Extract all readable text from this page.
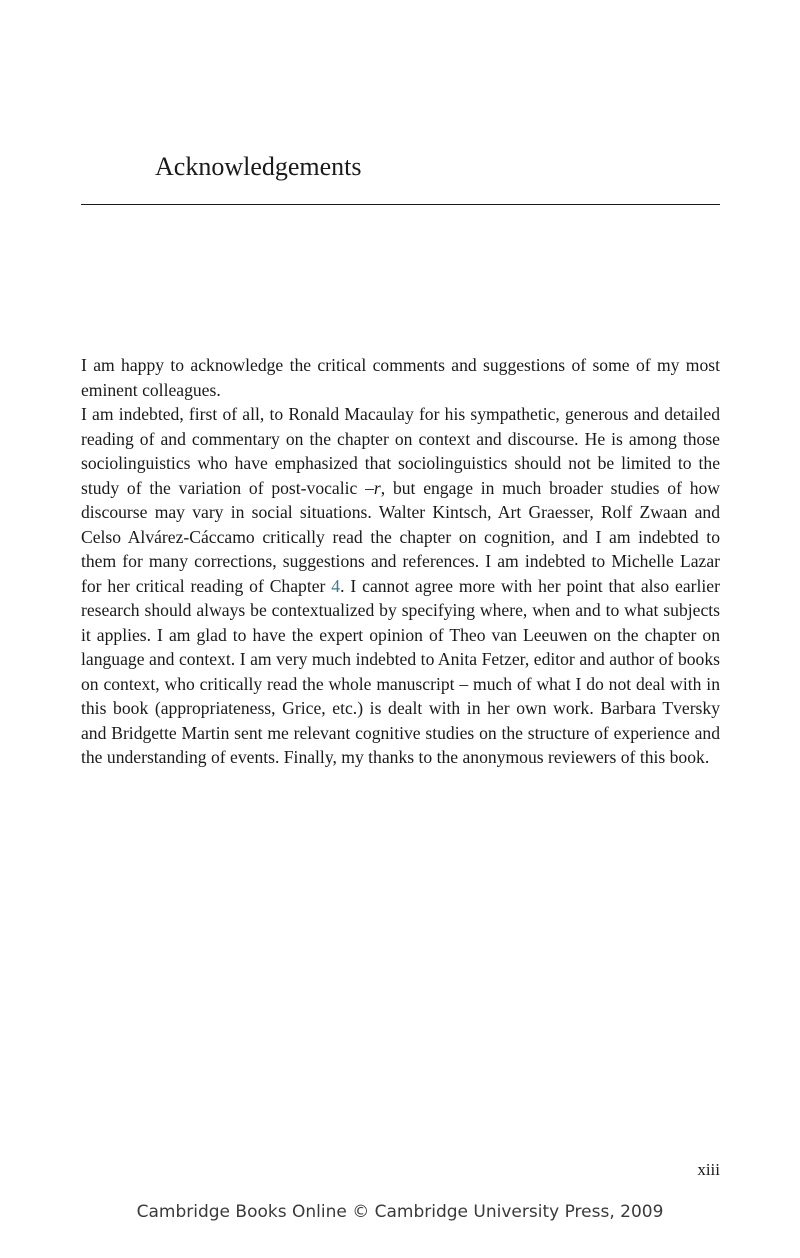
Acknowledgements

I am happy to acknowledge the critical comments and suggestions of some of my most eminent colleagues.

I am indebted, first of all, to Ronald Macaulay for his sympathetic, generous and detailed reading of and commentary on the chapter on context and discourse. He is among those sociolinguistics who have emphasized that sociolinguistics should not be limited to the study of the variation of post-vocalic –r, but engage in much broader studies of how discourse may vary in social situations. Walter Kintsch, Art Graesser, Rolf Zwaan and Celso Alvárez-Cáccamo critically read the chapter on cognition, and I am indebted to them for many corrections, suggestions and references. I am indebted to Michelle Lazar for her critical reading of Chapter 4. I cannot agree more with her point that also earlier research should always be contextualized by specifying where, when and to what subjects it applies. I am glad to have the expert opinion of Theo van Leeuwen on the chapter on language and context. I am very much indebted to Anita Fetzer, editor and author of books on context, who critically read the whole manuscript – much of what I do not deal with in this book (appropriateness, Grice, etc.) is dealt with in her own work. Barbara Tversky and Bridgette Martin sent me relevant cognitive studies on the structure of experience and the understanding of events. Finally, my thanks to the anonymous reviewers of this book.

xiii
Cambridge Books Online © Cambridge University Press, 2009
